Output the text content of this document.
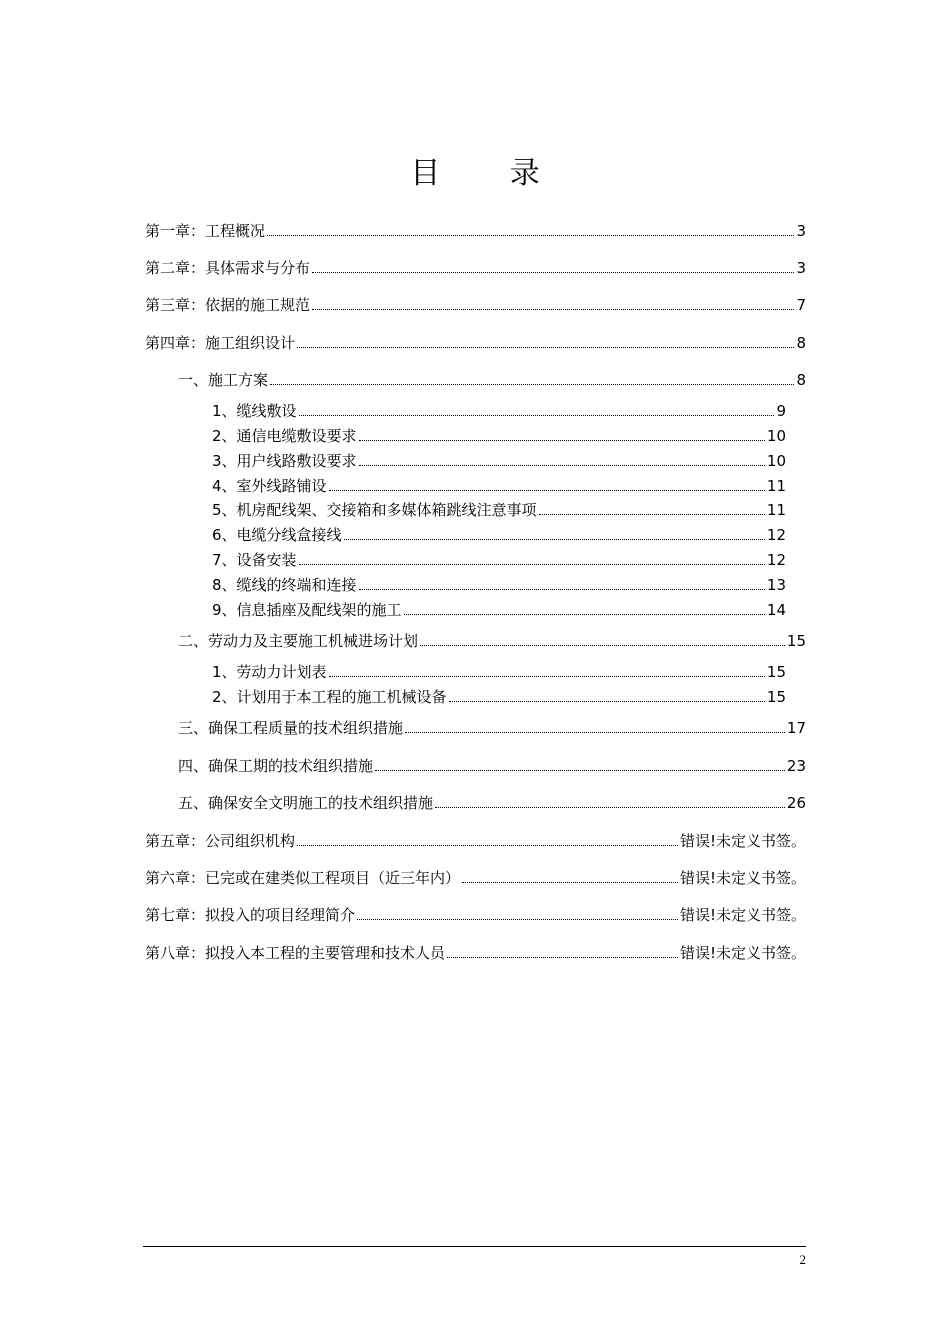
目 录
第一章： 工程概况	3
第二章： 具体需求与分布	3
第三章： 依据的施工规范	7
第四章： 施工组织设计	8
一、施工方案	8
1、缆线敷设	9
2、通信电缆敷设要求	10
3、用户线路敷设要求	10
4、室外线路铺设	11
5、机房配线架、交接箱和多媒体箱跳线注意事项	11
6、电缆分线盒接线	12
7、设备安装	12
8、缆线的终端和连接	13
9、信息插座及配线架的施工	14
二、劳动力及主要施工机械进场计划	15
1、劳动力计划表	15
2、计划用于本工程的施工机械设备	15
三、确保工程质量的技术组织措施	17
四、确保工期的技术组织措施	23
五、确保安全文明施工的技术组织措施	26
第五章： 公司组织机构	错误!未定义书签。
第六章： 已完或在建类似工程项目（近三年内）	错误!未定义书签。
第七章： 拟投入的项目经理简介	错误!未定义书签。
第八章： 拟投入本工程的主要管理和技术人员	错误!未定义书签。
2
